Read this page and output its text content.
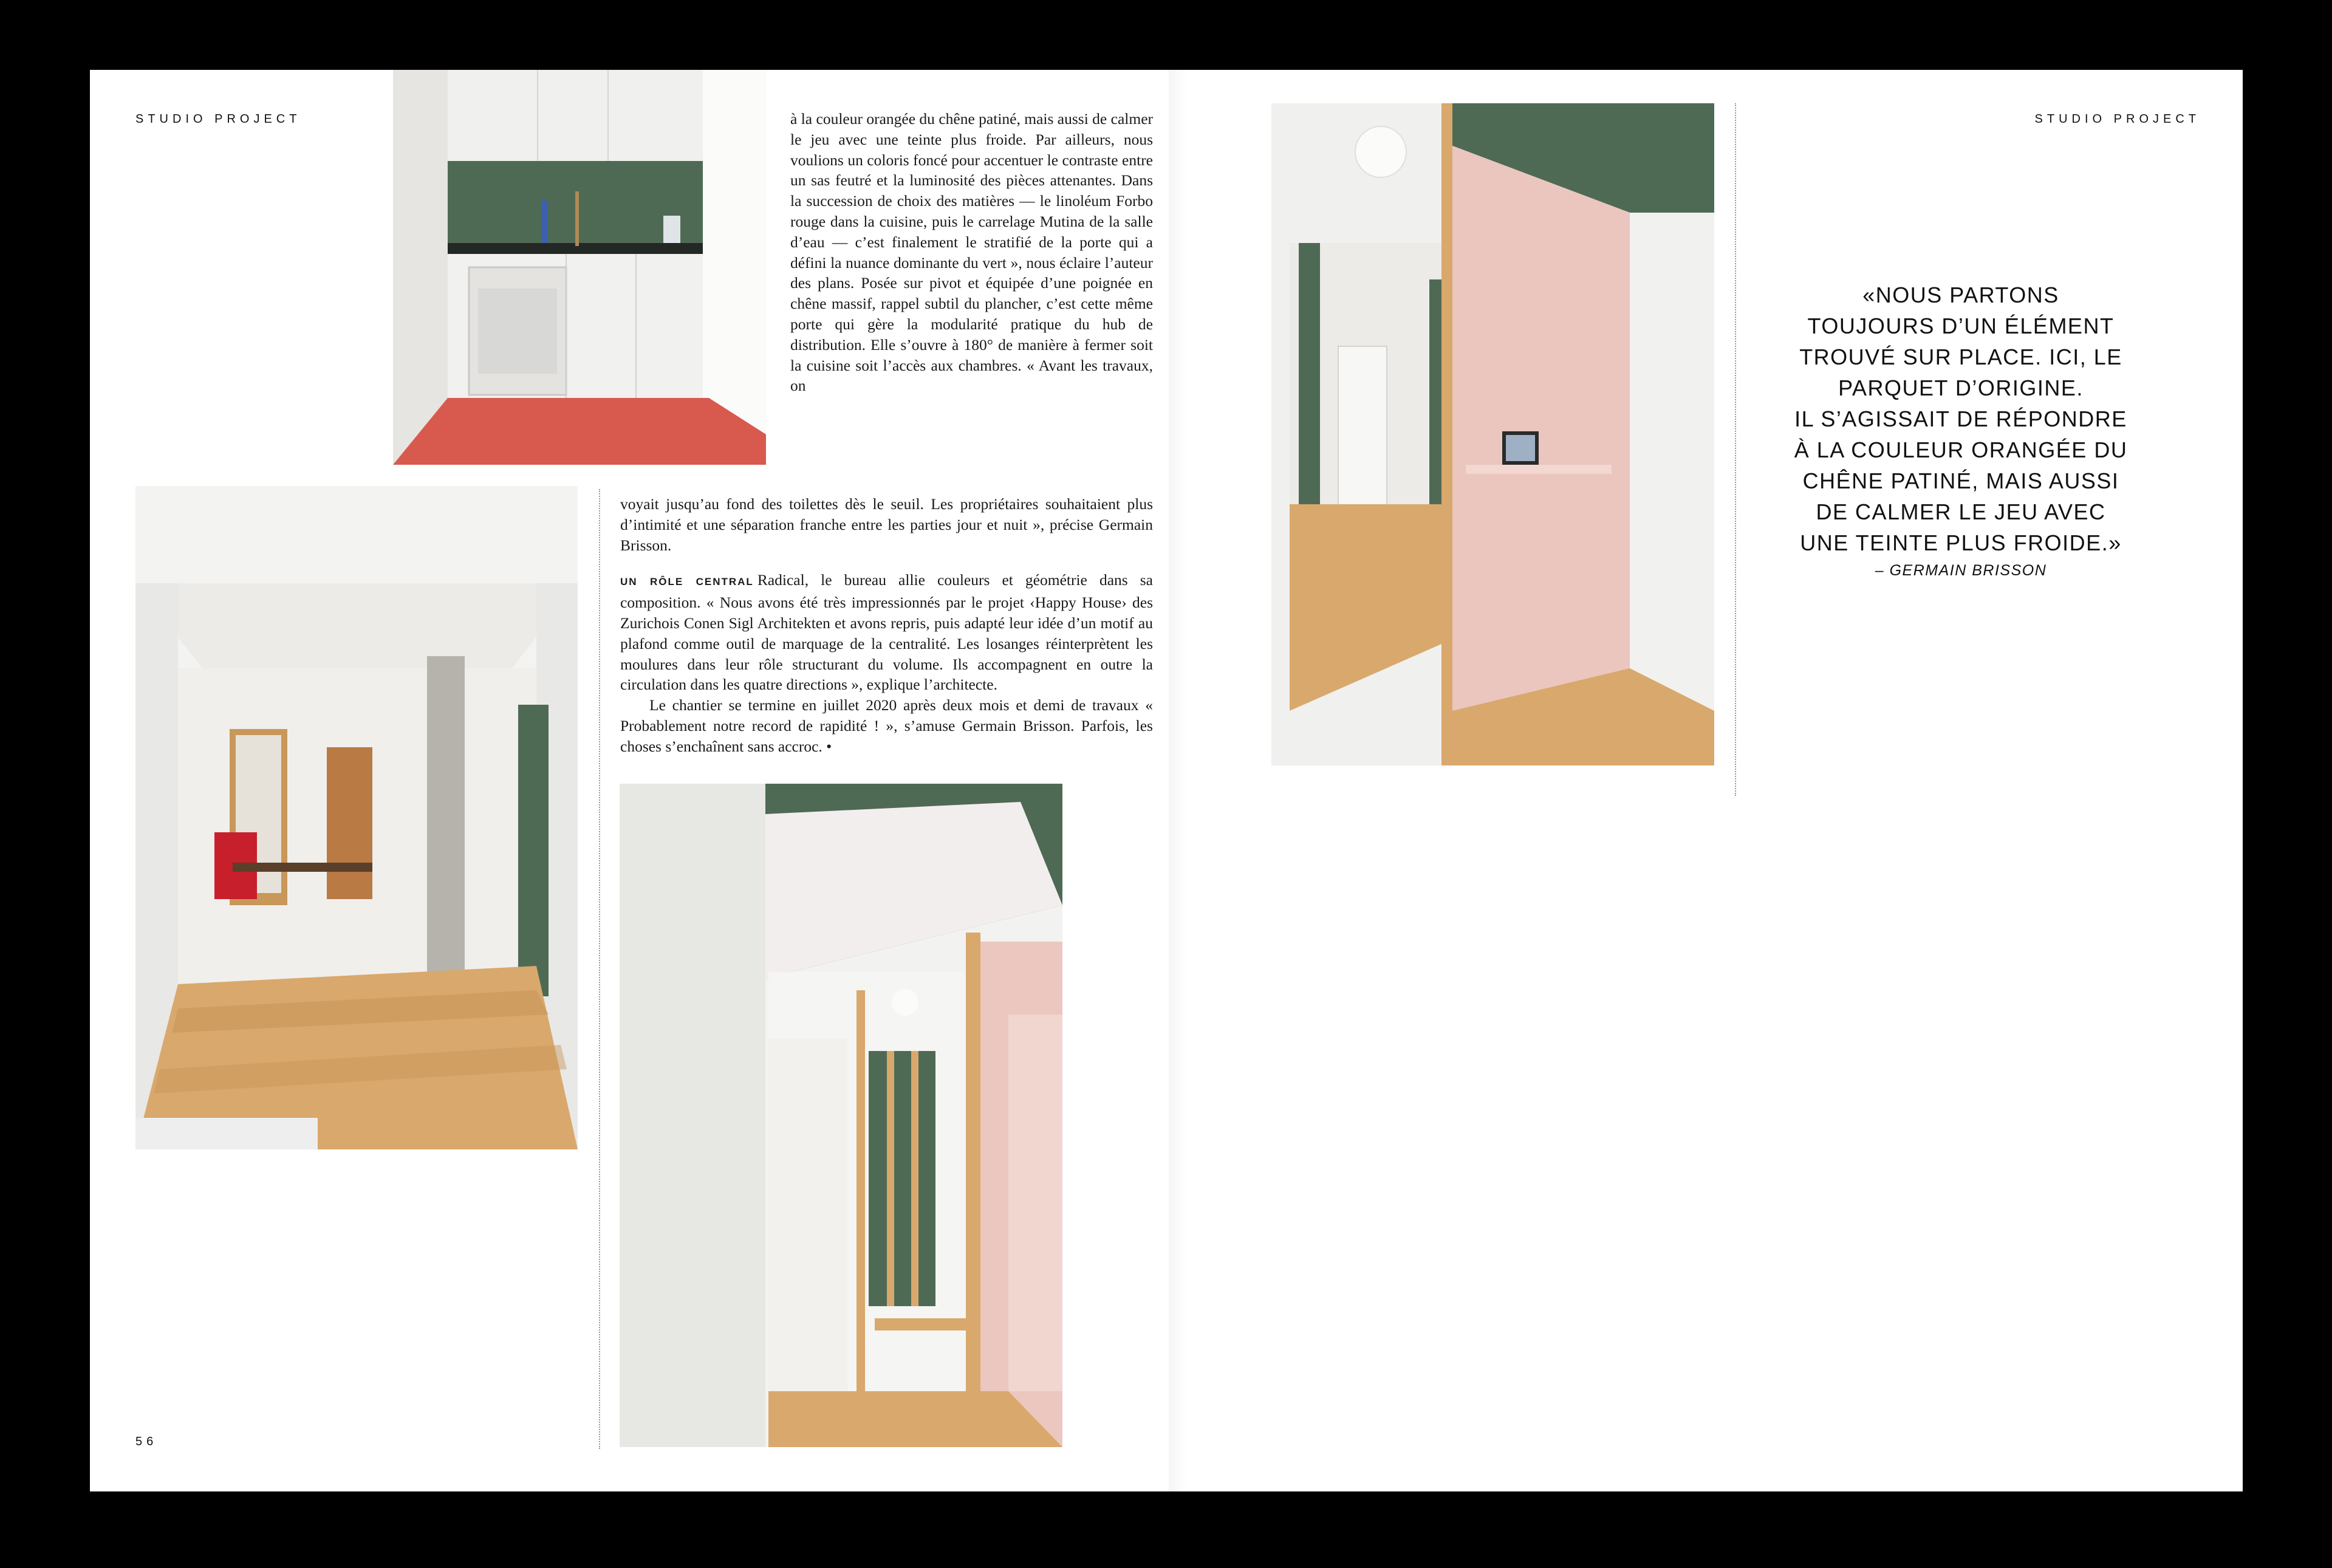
STUDIO PROJECT	STUDIO PROJECT
56

à la couleur orangée du chêne patiné, mais aussi de calmer le jeu avec une teinte plus froide. Par ailleurs, nous voulions un coloris foncé pour accentuer le contraste entre un sas feutré et la luminosité des pièces attenantes. Dans la succession de choix des matières — le linoléum Forbo rouge dans la cuisine, puis le carrelage Mutina de la salle d’eau — c’est finalement le stratifié de la porte qui a défini la nuance dominante du vert », nous éclaire l’auteur des plans. Posée sur pivot et équipée d’une poignée en chêne massif, rappel subtil du plancher, c’est cette même porte qui gère la modularité pratique du hub de distribution. Elle s’ouvre à 180° de manière à fermer soit la cuisine soit l’accès aux chambres. « Avant les travaux, on

voyait jusqu’au fond des toilettes dès le seuil. Les propriétaires souhaitaient plus d’intimité et une séparation franche entre les parties jour et nuit », précise Germain Brisson.

UN RÔLE CENTRAL Radical, le bureau allie couleurs et géométrie dans sa composition. « Nous avons été très impressionnés par le projet ‹Happy House› des Zurichois Conen Sigl Architekten et avons repris, puis adapté leur idée d’un motif au plafond comme outil de marquage de la centralité. Les losanges réinterprètent les moulures dans leur rôle structurant du volume. Ils accompagnent en outre la circulation dans les quatre directions », explique l’architecte.

Le chantier se termine en juillet 2020 après deux mois et demi de travaux « Probablement notre record de rapidité ! », s’amuse Germain Brisson. Parfois, les choses s’enchaînent sans accroc. •

«NOUS PARTONS
TOUJOURS D’UN ÉLÉMENT
TROUVÉ SUR PLACE. ICI, LE
PARQUET D’ORIGINE.
IL S’AGISSAIT DE RÉPONDRE
À LA COULEUR ORANGÉE DU
CHÊNE PATINÉ, MAIS AUSSI
DE CALMER LE JEU AVEC
UNE TEINTE PLUS FROIDE.»
– GERMAIN BRISSON
